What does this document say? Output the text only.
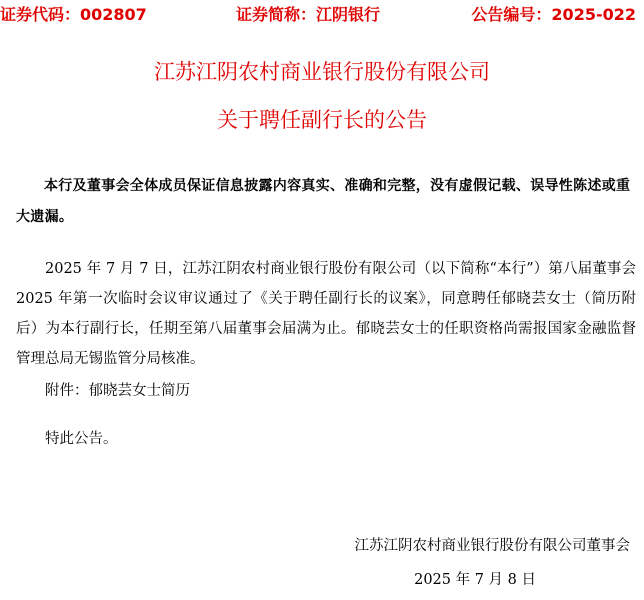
证券代码：002807	证券简称：江阴银行	公告编号：2025-022
江苏江阴农村商业银行股份有限公司
关于聘任副行长的公告
本行及董事会全体成员保证信息披露内容真实、准确和完整，没有虚假记载、误导性陈述或重大遗漏。
2025 年 7 月 7 日，江苏江阴农村商业银行股份有限公司（以下简称“本行”）第八届董事会 2025 年第一次临时会议审议通过了《关于聘任副行长的议案》，同意聘任郁晓芸女士（简历附后）为本行副行长，任期至第八届董事会届满为止。郁晓芸女士的任职资格尚需报国家金融监督管理总局无锡监管分局核准。
附件：郁晓芸女士简历
特此公告。
江苏江阴农村商业银行股份有限公司董事会
2025 年 7 月 8 日
